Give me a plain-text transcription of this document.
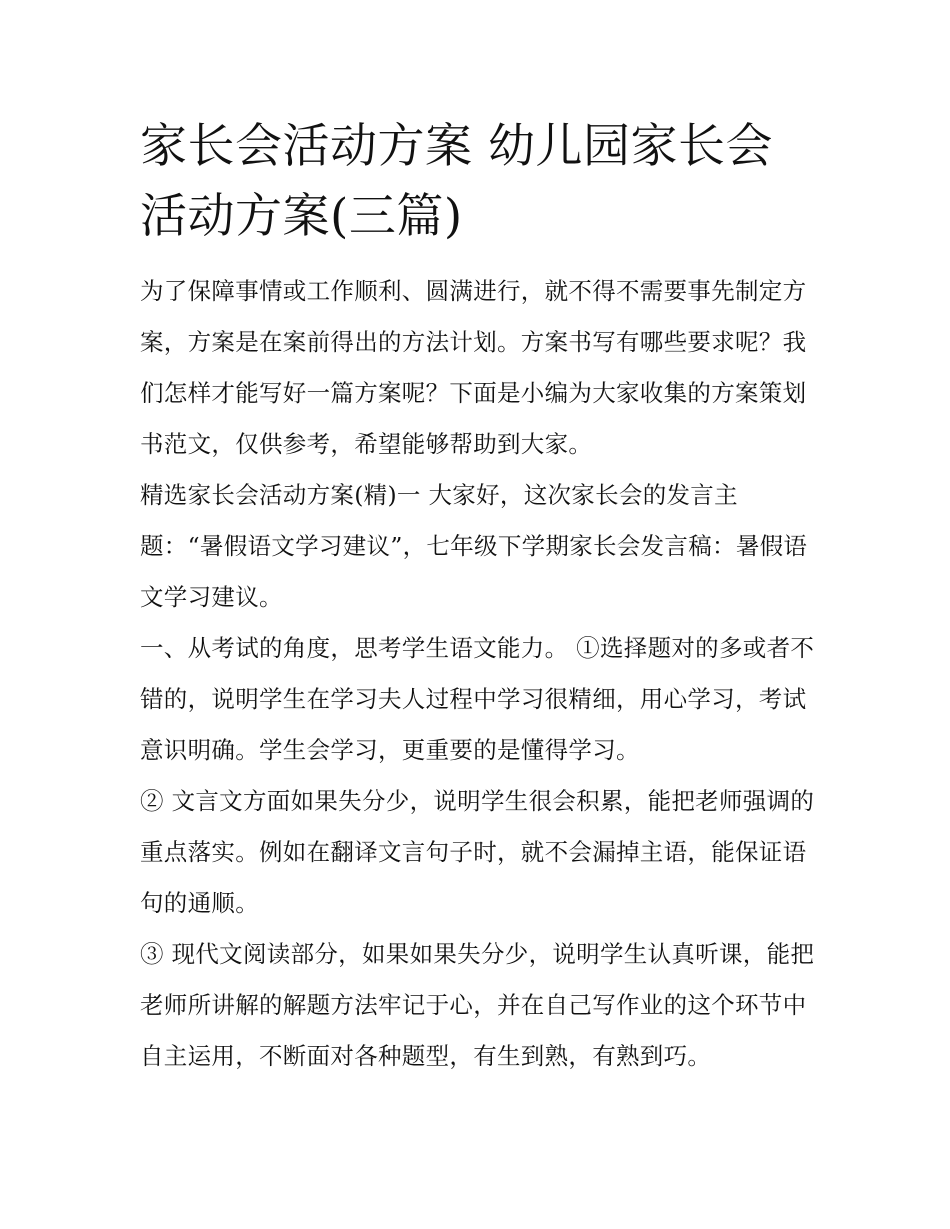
家长会活动方案 幼儿园家长会活动方案(三篇)

为了保障事情或工作顺利、圆满进行，就不得不需要事先制定方案，方案是在案前得出的方法计划。方案书写有哪些要求呢？我们怎样才能写好一篇方案呢？下面是小编为大家收集的方案策划书范文，仅供参考，希望能够帮助到大家。

精选家长会活动方案(精)一 大家好，这次家长会的发言主题：“暑假语文学习建议”，七年级下学期家长会发言稿：暑假语文学习建议。

一、从考试的角度，思考学生语文能力。 ①选择题对的多或者不错的，说明学生在学习夫人过程中学习很精细，用心学习，考试意识明确。学生会学习，更重要的是懂得学习。

② 文言文方面如果失分少，说明学生很会积累，能把老师强调的重点落实。例如在翻译文言句子时，就不会漏掉主语，能保证语句的通顺。

③ 现代文阅读部分，如果如果失分少，说明学生认真听课，能把老师所讲解的解题方法牢记于心，并在自己写作业的这个环节中自主运用，不断面对各种题型，有生到熟，有熟到巧。
